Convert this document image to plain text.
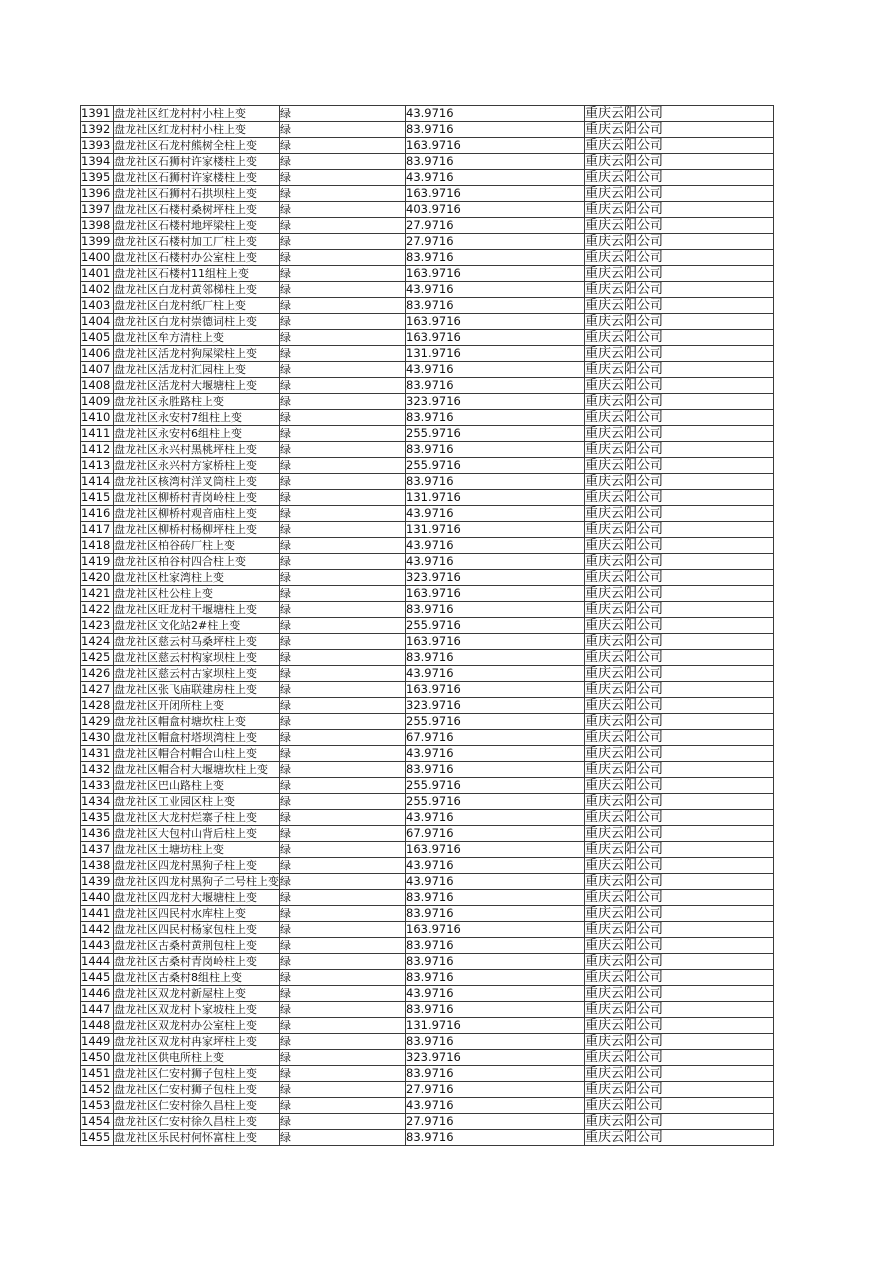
1391	盘龙社区红龙村村小柱上变	绿	43.9716	重庆云阳公司
1392	盘龙社区红龙村村小柱上变	绿	83.9716	重庆云阳公司
1393	盘龙社区石龙村熊树全柱上变	绿	163.9716	重庆云阳公司
1394	盘龙社区石狮村许家楼柱上变	绿	83.9716	重庆云阳公司
1395	盘龙社区石狮村许家楼柱上变	绿	43.9716	重庆云阳公司
1396	盘龙社区石狮村石拱坝柱上变	绿	163.9716	重庆云阳公司
1397	盘龙社区石楼村桑树坪柱上变	绿	403.9716	重庆云阳公司
1398	盘龙社区石楼村地坪梁柱上变	绿	27.9716	重庆云阳公司
1399	盘龙社区石楼村加工厂柱上变	绿	27.9716	重庆云阳公司
1400	盘龙社区石楼村办公室柱上变	绿	83.9716	重庆云阳公司
1401	盘龙社区石楼村11组柱上变	绿	163.9716	重庆云阳公司
1402	盘龙社区白龙村黄邻梯柱上变	绿	43.9716	重庆云阳公司
1403	盘龙社区白龙村纸厂柱上变	绿	83.9716	重庆云阳公司
1404	盘龙社区白龙村崇德词柱上变	绿	163.9716	重庆云阳公司
1405	盘龙社区牟方清柱上变	绿	163.9716	重庆云阳公司
1406	盘龙社区活龙村狗屎梁柱上变	绿	131.9716	重庆云阳公司
1407	盘龙社区活龙村汇园柱上变	绿	43.9716	重庆云阳公司
1408	盘龙社区活龙村大堰塘柱上变	绿	83.9716	重庆云阳公司
1409	盘龙社区永胜路柱上变	绿	323.9716	重庆云阳公司
1410	盘龙社区永安村7组柱上变	绿	83.9716	重庆云阳公司
1411	盘龙社区永安村6组柱上变	绿	255.9716	重庆云阳公司
1412	盘龙社区永兴村黑桃坪柱上变	绿	83.9716	重庆云阳公司
1413	盘龙社区永兴村方家桥柱上变	绿	255.9716	重庆云阳公司
1414	盘龙社区核湾村洋叉筒柱上变	绿	83.9716	重庆云阳公司
1415	盘龙社区柳桥村青岗岭柱上变	绿	131.9716	重庆云阳公司
1416	盘龙社区柳桥村观音庙柱上变	绿	43.9716	重庆云阳公司
1417	盘龙社区柳桥村杨柳坪柱上变	绿	131.9716	重庆云阳公司
1418	盘龙社区柏谷砖厂柱上变	绿	43.9716	重庆云阳公司
1419	盘龙社区柏谷村四合柱上变	绿	43.9716	重庆云阳公司
1420	盘龙社区杜家湾柱上变	绿	323.9716	重庆云阳公司
1421	盘龙社区杜公柱上变	绿	163.9716	重庆云阳公司
1422	盘龙社区旺龙村干堰塘柱上变	绿	83.9716	重庆云阳公司
1423	盘龙社区文化站2#柱上变	绿	255.9716	重庆云阳公司
1424	盘龙社区慈云村马桑坪柱上变	绿	163.9716	重庆云阳公司
1425	盘龙社区慈云村构家坝柱上变	绿	83.9716	重庆云阳公司
1426	盘龙社区慈云村古家坝柱上变	绿	43.9716	重庆云阳公司
1427	盘龙社区张飞庙联建房柱上变	绿	163.9716	重庆云阳公司
1428	盘龙社区开闭所柱上变	绿	323.9716	重庆云阳公司
1429	盘龙社区帽盒村塘坎柱上变	绿	255.9716	重庆云阳公司
1430	盘龙社区帽盒村塔坝湾柱上变	绿	67.9716	重庆云阳公司
1431	盘龙社区帽合村帽合山柱上变	绿	43.9716	重庆云阳公司
1432	盘龙社区帽合村大堰塘坎柱上变	绿	83.9716	重庆云阳公司
1433	盘龙社区巴山路柱上变	绿	255.9716	重庆云阳公司
1434	盘龙社区工业园区柱上变	绿	255.9716	重庆云阳公司
1435	盘龙社区大龙村烂寨子柱上变	绿	43.9716	重庆云阳公司
1436	盘龙社区大包村山背后柱上变	绿	67.9716	重庆云阳公司
1437	盘龙社区土塘坊柱上变	绿	163.9716	重庆云阳公司
1438	盘龙社区四龙村黑狗子柱上变	绿	43.9716	重庆云阳公司
1439	盘龙社区四龙村黑狗子二号柱上变	绿	43.9716	重庆云阳公司
1440	盘龙社区四龙村大堰塘柱上变	绿	83.9716	重庆云阳公司
1441	盘龙社区四民村水库柱上变	绿	83.9716	重庆云阳公司
1442	盘龙社区四民村杨家包柱上变	绿	163.9716	重庆云阳公司
1443	盘龙社区古桑村黄荆包柱上变	绿	83.9716	重庆云阳公司
1444	盘龙社区古桑村青岗岭柱上变	绿	83.9716	重庆云阳公司
1445	盘龙社区古桑村8组柱上变	绿	83.9716	重庆云阳公司
1446	盘龙社区双龙村新屋柱上变	绿	43.9716	重庆云阳公司
1447	盘龙社区双龙村卜家坡柱上变	绿	83.9716	重庆云阳公司
1448	盘龙社区双龙村办公室柱上变	绿	131.9716	重庆云阳公司
1449	盘龙社区双龙村冉家坪柱上变	绿	83.9716	重庆云阳公司
1450	盘龙社区供电所柱上变	绿	323.9716	重庆云阳公司
1451	盘龙社区仁安村狮子包柱上变	绿	83.9716	重庆云阳公司
1452	盘龙社区仁安村狮子包柱上变	绿	27.9716	重庆云阳公司
1453	盘龙社区仁安村徐久昌柱上变	绿	43.9716	重庆云阳公司
1454	盘龙社区仁安村徐久昌柱上变	绿	27.9716	重庆云阳公司
1455	盘龙社区乐民村何怀富柱上变	绿	83.9716	重庆云阳公司
